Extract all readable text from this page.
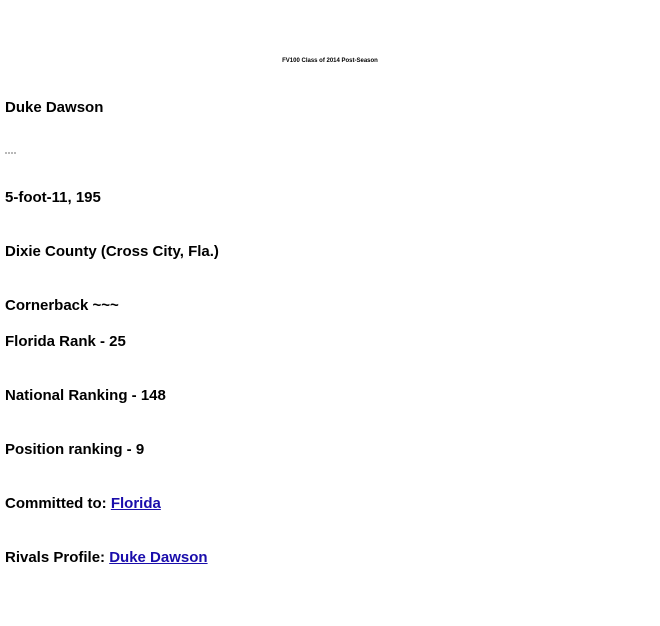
FV100 Class of 2014 Post-Season
Duke Dawson
5-foot-11, 195
Dixie County (Cross City, Fla.)
Cornerback ~~~
Florida Rank - 25
National Ranking - 148
Position ranking - 9
Committed to: Florida
Rivals Profile: Duke Dawson
